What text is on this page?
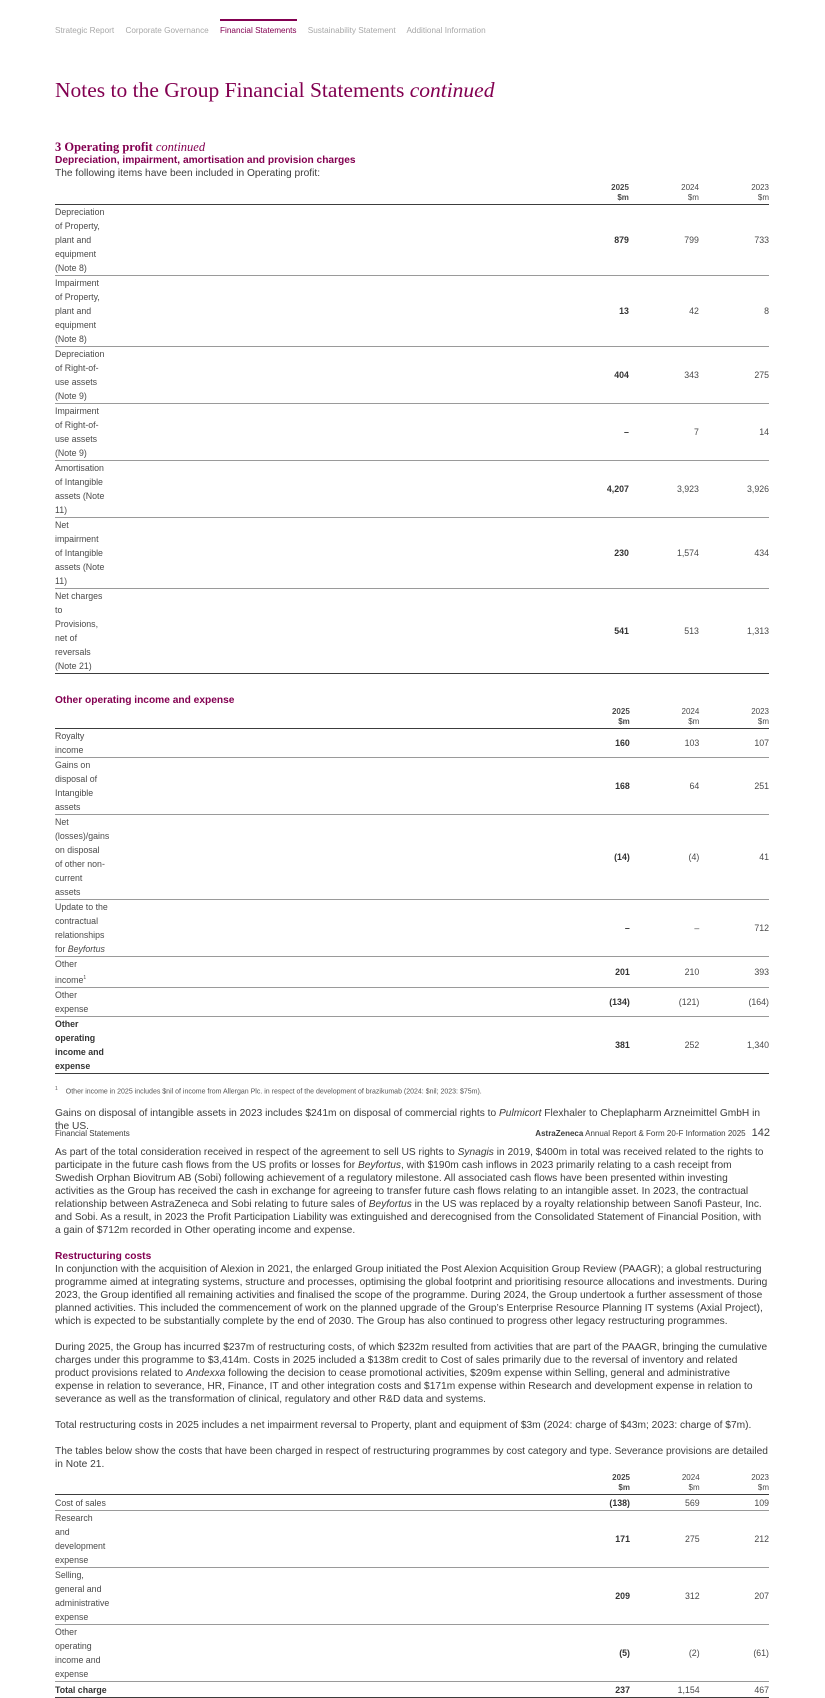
Strategic Report Corporate Governance Financial Statements Sustainability Statement Additional Information
Notes to the Group Financial Statements continued

3 Operating profit continued

Depreciation, impairment, amortisation and provision charges

The following items have been included in Operating profit:

	2025
$m	2024
$m	2023
$m
Depreciation of Property, plant and equipment (Note 8)	879	799	733
Impairment of Property, plant and equipment (Note 8)	13	42	8
Depreciation of Right-of-use assets (Note 9)	404	343	275
Impairment of Right-of-use assets (Note 9)	–	7	14
Amortisation of Intangible assets (Note 11)	4,207	3,923	3,926
Net impairment of Intangible assets (Note 11)	230	1,574	434
Net charges to Provisions, net of reversals (Note 21)	541	513	1,313

Other operating income and expense

	2025
$m	2024
$m	2023
$m
Royalty income	160	103	107
Gains on disposal of Intangible assets	168	64	251
Net (losses)/gains on disposal of other non-current assets	(14)	(4)	41
Update to the contractual relationships for Beyfortus	–	–	712
Other income$^1$	201	210	393
Other expense	(134)	(121)	(164)
Other operating income and expense	381	252	1,340

$^1$ Other income in 2025 includes $nil of income from Allergan Plc. in respect of the development of brazikumab (2024: $nil; 2023: $75m).

Gains on disposal of intangible assets in 2023 includes $241m on disposal of commercial rights to Pulmicort Flexhaler to Cheplapharm Arzneimittel GmbH in the US.

As part of the total consideration received in respect of the agreement to sell US rights to Synagis in 2019, $400m in total was received related to the rights to participate in the future cash flows from the US profits or losses for Beyfortus, with $190m cash inflows in 2023 primarily relating to a cash receipt from Swedish Orphan Biovitrum AB (Sobi) following achievement of a regulatory milestone. All associated cash flows have been presented within investing activities as the Group has received the cash in exchange for agreeing to transfer future cash flows relating to an intangible asset. In 2023, the contractual relationship between AstraZeneca and Sobi relating to future sales of Beyfortus in the US was replaced by a royalty relationship between Sanofi Pasteur, Inc. and Sobi. As a result, in 2023 the Profit Participation Liability was extinguished and derecognised from the Consolidated Statement of Financial Position, with a gain of $712m recorded in Other operating income and expense.

Restructuring costs

In conjunction with the acquisition of Alexion in 2021, the enlarged Group initiated the Post Alexion Acquisition Group Review (PAAGR); a global restructuring programme aimed at integrating systems, structure and processes, optimising the global footprint and prioritising resource allocations and investments. During 2023, the Group identified all remaining activities and finalised the scope of the programme. During 2024, the Group undertook a further assessment of those planned activities. This included the commencement of work on the planned upgrade of the Group’s Enterprise Resource Planning IT systems (Axial Project), which is expected to be substantially complete by the end of 2030. The Group has also continued to progress other legacy restructuring programmes.

During 2025, the Group has incurred $237m of restructuring costs, of which $232m resulted from activities that are part of the PAAGR, bringing the cumulative charges under this programme to $3,414m. Costs in 2025 included a $138m credit to Cost of sales primarily due to the reversal of inventory and related product provisions related to Andexxa following the decision to cease promotional activities, $209m expense within Selling, general and administrative expense in relation to severance, HR, Finance, IT and other integration costs and $171m expense within Research and development expense in relation to severance as well as the transformation of clinical, regulatory and other R&D data and systems.

Total restructuring costs in 2025 includes a net impairment reversal to Property, plant and equipment of $3m (2024: charge of $43m; 2023: charge of $7m).

The tables below show the costs that have been charged in respect of restructuring programmes by cost category and type. Severance provisions are detailed in Note 21.

	2025
$m	2024
$m	2023
$m
Cost of sales	(138)	569	109
Research and development expense	171	275	212
Selling, general and administrative expense	209	312	207
Other operating income and expense	(5)	(2)	(61)
Total charge	237	1,154	467
Financial Statements	AstraZeneca Annual Report & Form 20-F Information 2025 142
